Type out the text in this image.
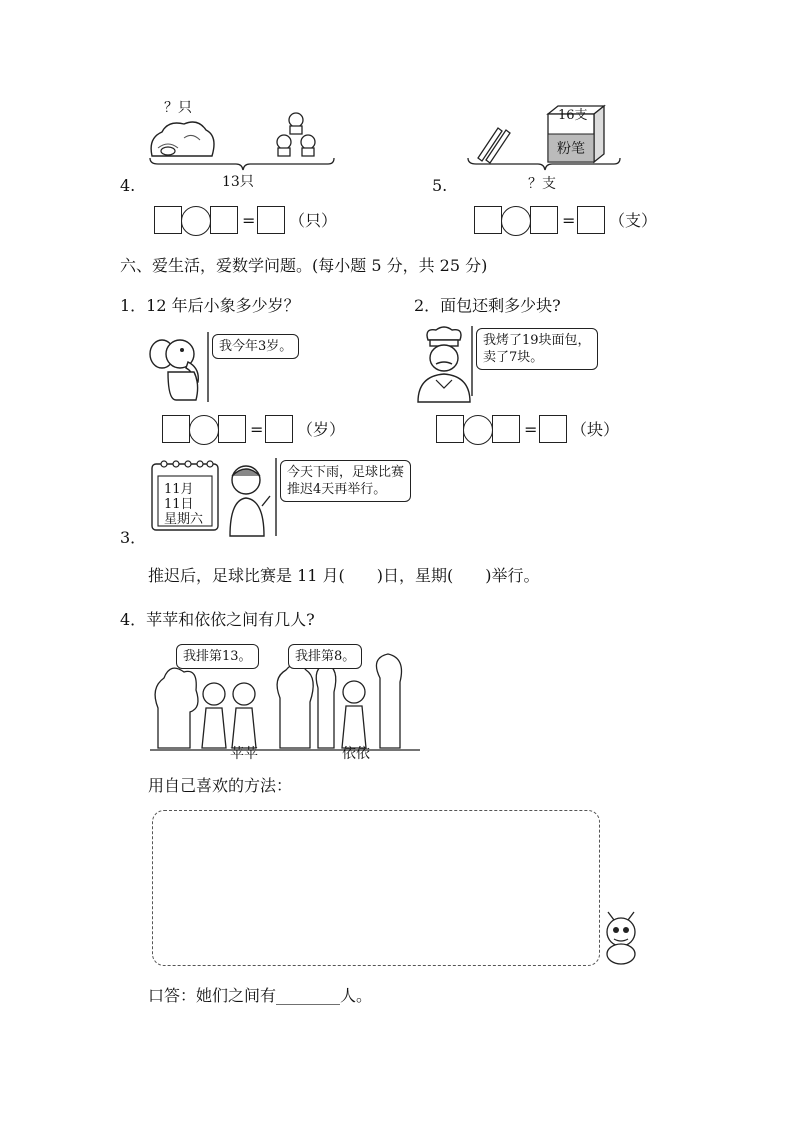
4.
？只
13只
= （只）
5.
16支
粉笔
？支
= （支）
六、爱生活，爱数学问题。(每小题 5 分，共 25 分)
1．12 年后小象多少岁？
我今年3岁。
= （岁）
2．面包还剩多少块?
我烤了19块面包，
卖了7块。
= （块）
3．
11月
11日
星期六
今天下雨，足球比赛
推迟4天再举行。
推迟后，足球比赛是 11 月(　　)日，星期(　　)举行。
4．苹苹和依依之间有几人?
我排第13。	我排第8。
苹苹	依依
用自己喜欢的方法：
口答：她们之间有________人。
